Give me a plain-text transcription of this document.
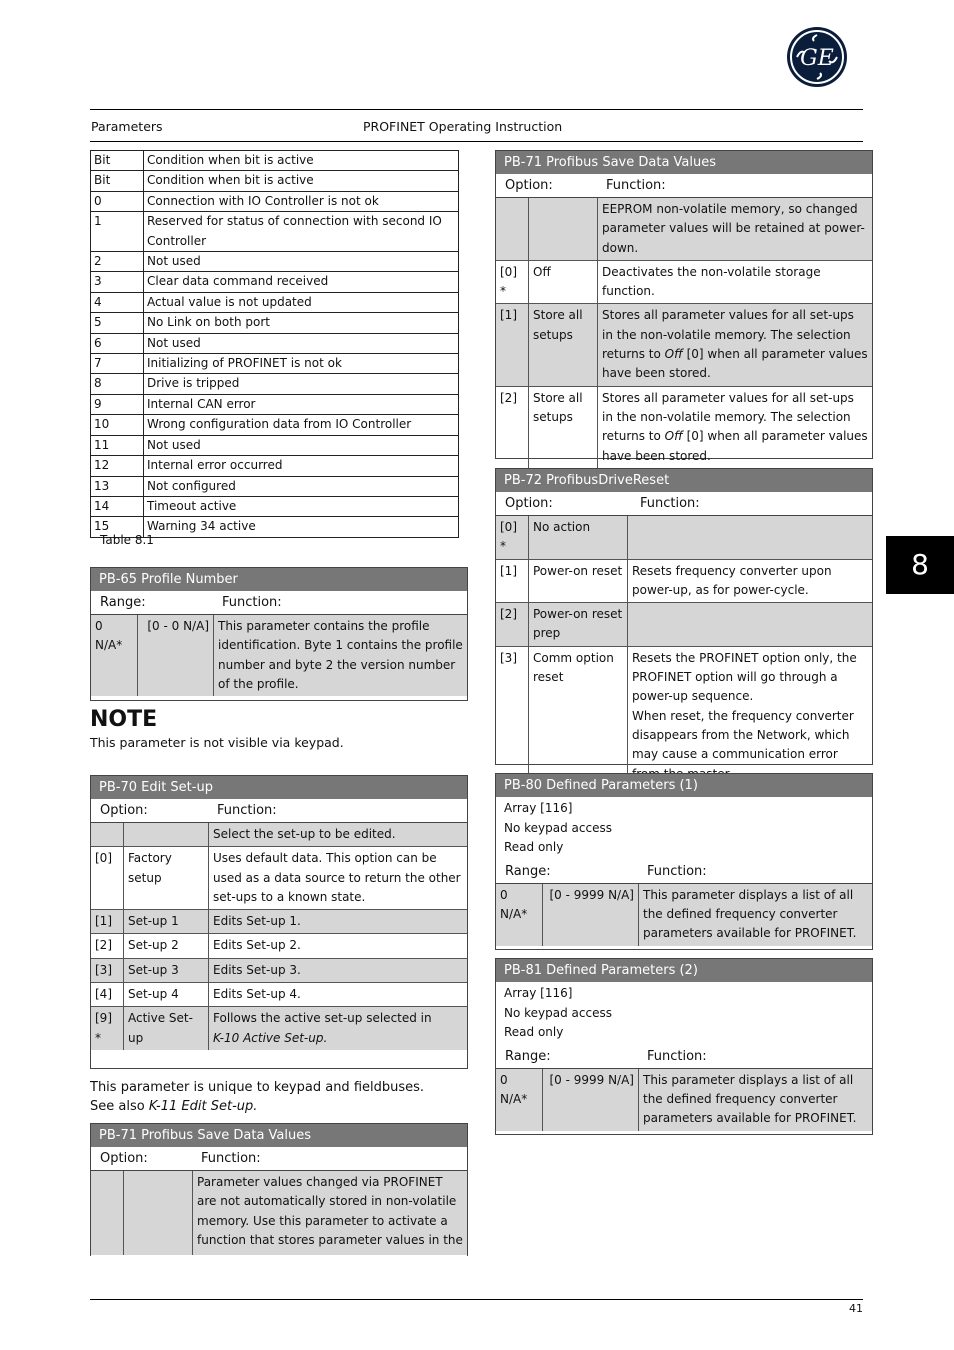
GE
Parameters	PROFINET Operating Instruction
Bit	Condition when bit is active
Bit	Condition when bit is active
0	Connection with IO Controller is not ok
1	Reserved for status of connection with second IO Controller
2	Not used
3	Clear data command received
4	Actual value is not updated
5	No Link on both port
6	Not used
7	Initializing of PROFINET is not ok
8	Drive is tripped
9	Internal CAN error
10	Wrong configuration data from IO Controller
11	Not used
12	Internal error occurred
13	Not configured
14	Timeout active
15	Warning 34 active
Table 8.1
PB-65 Profile Number
Range:	Function:
0 N/A*	[0 - 0 N/A]	This parameter contains the profile identification. Byte 1 contains the profile number and byte 2 the version number of the profile.
NOTE
This parameter is not visible via keypad.
PB-70 Edit Set-up
Option:	Function:
		Select the set-up to be edited.
[0]	Factory setup	Uses default data. This option can be used as a data source to return the other set-ups to a known state.
[1]	Set-up 1	Edits Set-up 1.
[2]	Set-up 2	Edits Set-up 2.
[3]	Set-up 3	Edits Set-up 3.
[4]	Set-up 4	Edits Set-up 4.
[9] *	Active Set-up	Follows the active set-up selected in
K-10 Active Set-up.
This parameter is unique to keypad and fieldbuses. See also K-11 Edit Set-up.
PB-71 Profibus Save Data Values
Option:	Function:
		Parameter values changed via PROFINET are not automatically stored in non-volatile memory. Use this parameter to activate a function that stores parameter values in the
PB-71 Profibus Save Data Values
Option:	Function:
		EEPROM non-volatile memory, so changed parameter values will be retained at power-down.
[0] *	Off	Deactivates the non-volatile storage function.
[1]	Store all setups	Stores all parameter values for all set-ups in the non-volatile memory. The selection returns to Off [0] when all parameter values have been stored.
[2]	Store all setups	Stores all parameter values for all set-ups in the non-volatile memory. The selection returns to Off [0] when all parameter values have been stored.
PB-72 ProfibusDriveReset
Option:	Function:
[0] *	No action	
[1]	Power-on reset	Resets frequency converter upon power-up, as for power-cycle.
[2]	Power-on reset prep	
[3]	Comm option reset	Resets the PROFINET option only, the PROFINET option will go through a power-up sequence.
When reset, the frequency converter disappears from the Network, which may cause a communication error
PB-80 Defined Parameters (1)
Array [116]
No keypad access
Read only
Range:	Function:
0 N/A*	[0 - 9999 N/A]	This parameter displays a list of all the defined frequency converter parameters available for PROFINET.
PB-81 Defined Parameters (2)
Array [116]
No keypad access
Read only
Range:	Function:
0 N/A*	[0 - 9999 N/A]	This parameter displays a list of all the defined frequency converter parameters available for PROFINET.
8
41
